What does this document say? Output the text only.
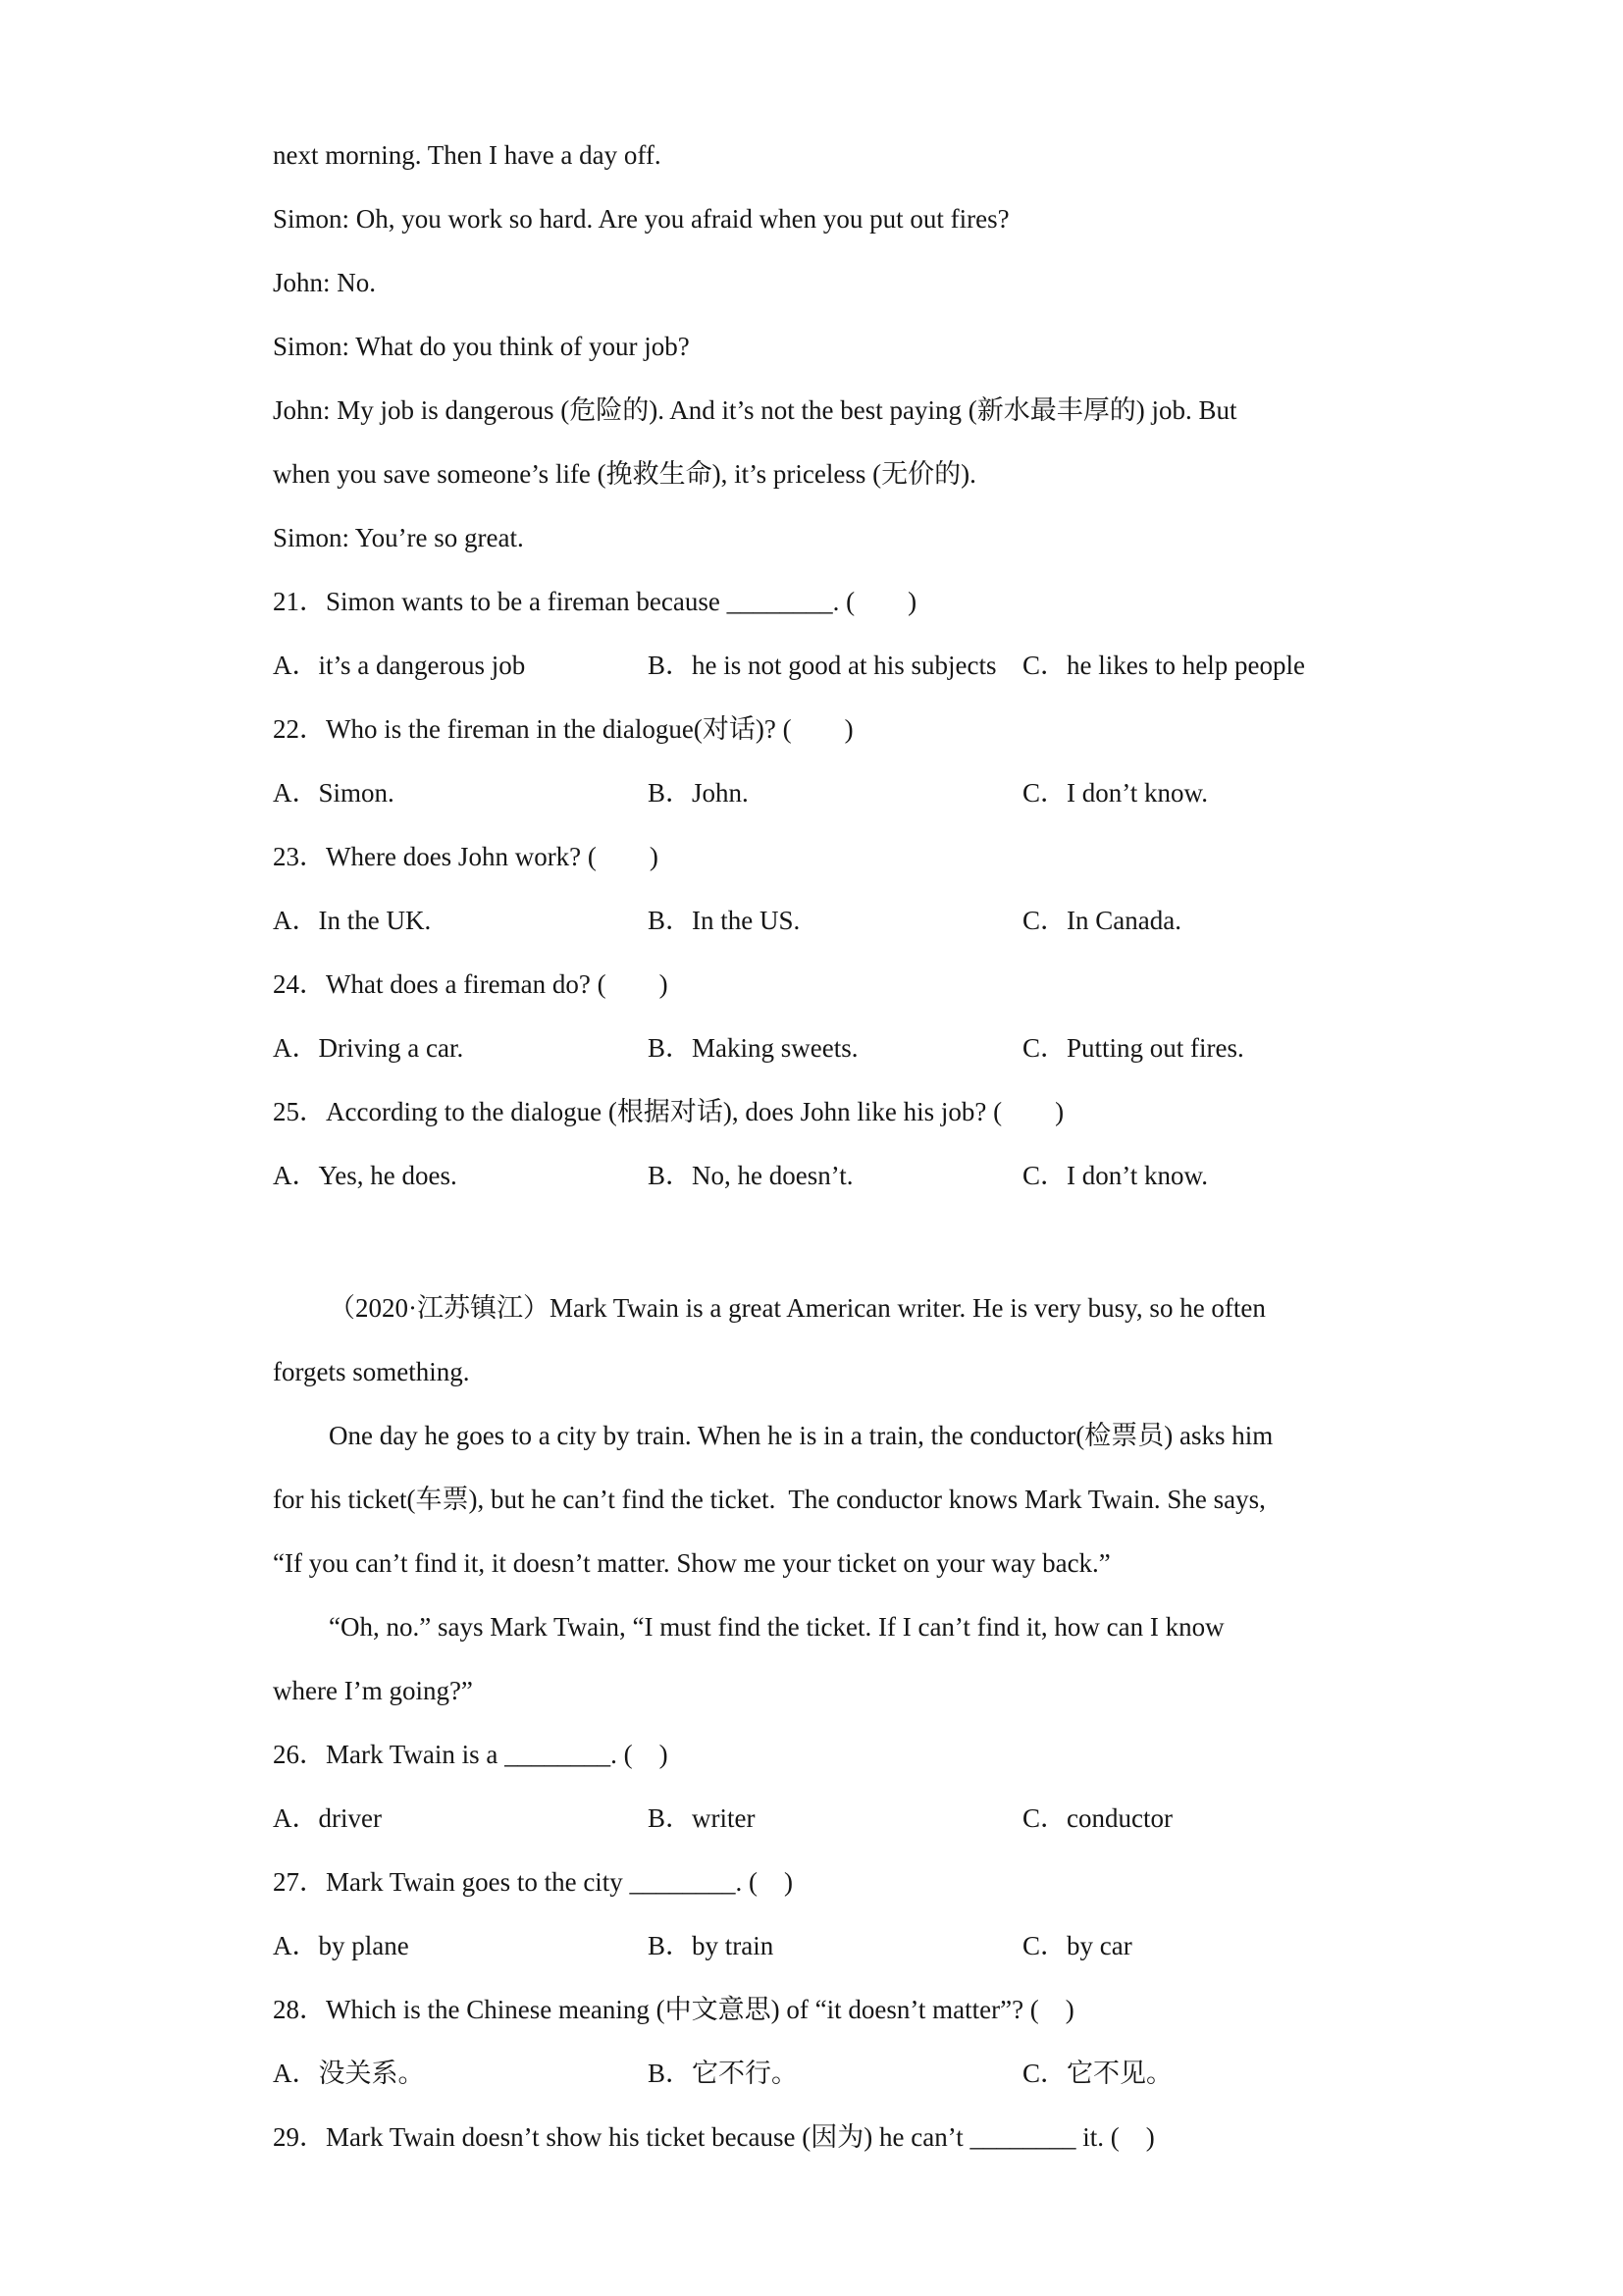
next morning. Then I have a day off.
Simon: Oh, you work so hard. Are you afraid when you put out fires?
John: No.
Simon: What do you think of your job?
John: My job is dangerous (危险的). And it’s not the best paying (新水最丰厚的) job. But
when you save someone’s life (挽救生命), it’s priceless (无价的).
Simon: You’re so great.
21．Simon wants to be a fireman because ________. (        )
A．it’s a dangerous job	B．he is not good at his subjects C．he likes to help people
22．Who is the fireman in the dialogue(对话)? (        )
A．Simon.	B．John.	C．I don’t know.
23．Where does John work? (        )
A．In the UK.	B．In the US.	C．In Canada.
24．What does a fireman do? (        )
A．Driving a car.	B．Making sweets.	C．Putting out fires.
25．According to the dialogue (根据对话), does John like his job? (        )
A．Yes, he does.	B．No, he doesn’t.	C．I don’t know.
（2020·江苏镇江）Mark Twain is a great American writer. He is very busy, so he often
forgets something.
One day he goes to a city by train. When he is in a train, the conductor(检票员) asks him
for his ticket(车票), but he can’t find the ticket.  The conductor knows Mark Twain. She says,
“If you can’t find it, it doesn’t matter. Show me your ticket on your way back.”
“Oh, no.” says Mark Twain, “I must find the ticket. If I can’t find it, how can I know
where I’m going?”
26．Mark Twain is a ________. (    )
A．driver	B．writer	C．conductor
27．Mark Twain goes to the city ________. (    )
A．by plane	B．by train	C．by car
28．Which is the Chinese meaning (中文意思) of “it doesn’t matter”? (    )
A．没关系。	B．它不行。	C．它不见。
29．Mark Twain doesn’t show his ticket because (因为) he can’t ________ it. (    )
